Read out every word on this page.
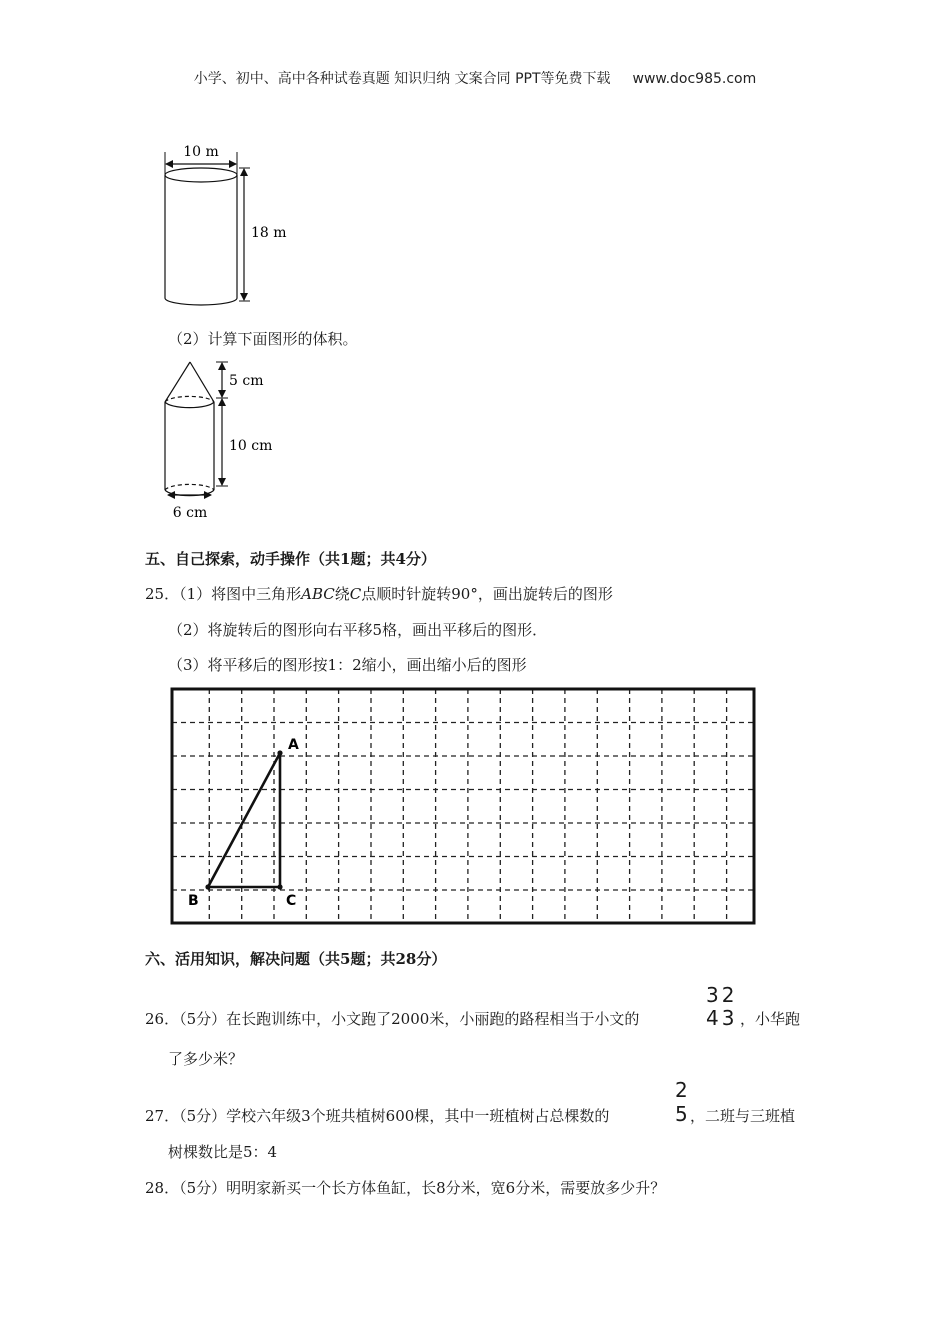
小学、初中、高中各种试卷真题 知识归纳 文案合同 PPT等免费下载 www.doc985.com
10 m
18 m
（2）计算下面图形的体积。
6 cm
5 cm
10 cm
五、自己探索，动手操作（共1题；共4分）
25．（1）将图中三角形ABC绕C点顺时针旋转90°，画出旋转后的图形
（2）将旋转后的图形向右平移5格，画出平移后的图形．
（3）将平移后的图形按1：2缩小，画出缩小后的图形
A
B	C
六、活用知识，解决问题（共5题；共28分）
32
43
26．（5分）在长跑训练中，小文跑了2000米，小丽跑的路程相当于小文的	，小华跑
了多少米？
2
5
27．（5分）学校六年级3个班共植树600棵，其中一班植树占总棵数的	，二班与三班植
树棵数比是5：4
28．（5分）明明家新买一个长方体鱼缸，长8分米，宽6分米，需要放多少升？
